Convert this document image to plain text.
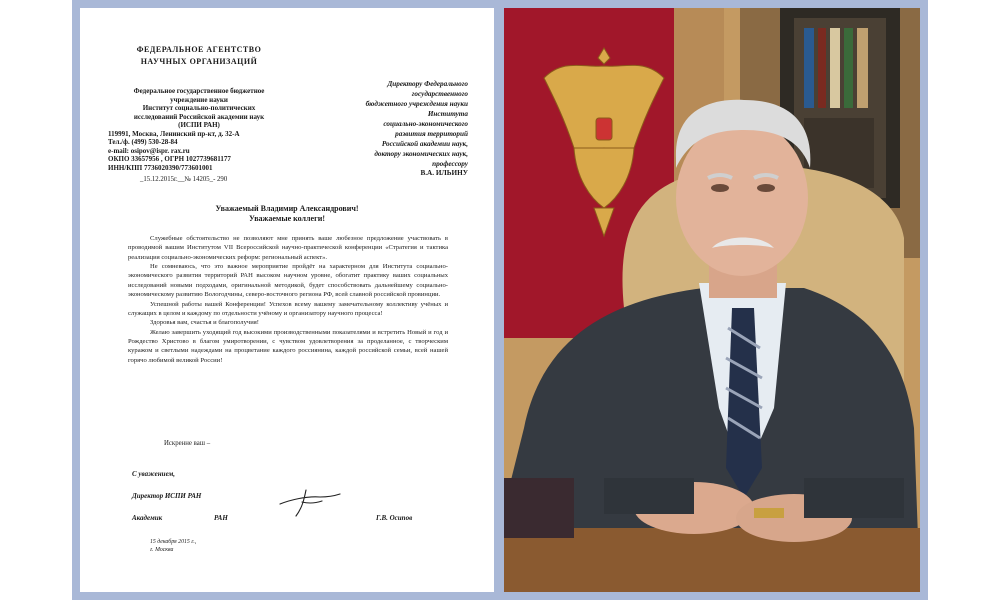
ФЕДЕРАЛЬНОЕ АГЕНТСТВО
НАУЧНЫХ ОРГАНИЗАЦИЙ
Федеральное государственное бюджетное
учреждение науки
Институт социально-политических
исследований Российской академии наук
(ИСПИ РАН)
119991, Москва, Ленинский пр-кт, д. 32-А
Тел./ф. (499) 530-28-84
e-mail: osipov@ispr. rax.ru
ОКПО 33657956 , ОГРН 1027739681177
ИНН/КПП 7736020390/773601001
Директору Федерального
государственного
бюджетного учреждения науки
Института
социально-экономического
развития территорий
Российской академии наук,
доктору экономических наук,
профессору
В.А. ИЛЬИНУ
_15.12.2015г.__№ 14205_- 290
Уважаемый Владимир Александрович!
Уважаемые коллеги!

Служебные обстоятельство не позволяют мне принять ваше любезное предложение участвовать в проводимой вашим Институтом VII Всероссийской научно-практической конференции «Стратегия и тактика реализация социально-экономических реформ: региональный аспект».

Не сомневаюсь, что это важное мероприятие пройдёт на характерном для Института социально-экономического развития территорий РАН высоком научном уровне, обогатит практику ваших социальных исследований новыми подходами, оригинальной методикой, будет способствовать дальнейшему социально-экономическому развитию Вологодчины, северо-восточного региона РФ, всей славной российской провинции.

Успешной работы вашей Конференции! Успехов всему вашему замечательному коллективу учёных и служащих в целом и каждому по отдельности учёному и организатору научного процесса!

Здоровья вам, счастья и благополучия!

Желаю завершить уходящий год высокими производственными показателями и встретить Новый и год и Рождество Христово в благом умиротворении, с чувством удовлетворения за проделанное, с творческим куражом и светлыми надеждами на процветание каждого россиянина, каждой российской семьи, всей нашей горячо любимой великой России!

Искренне ваш –
С уважением,
Директор ИСПИ РАН
Академик	РАН	Г.В. Осипов
15 декабря 2015 г.,
г. Москва
